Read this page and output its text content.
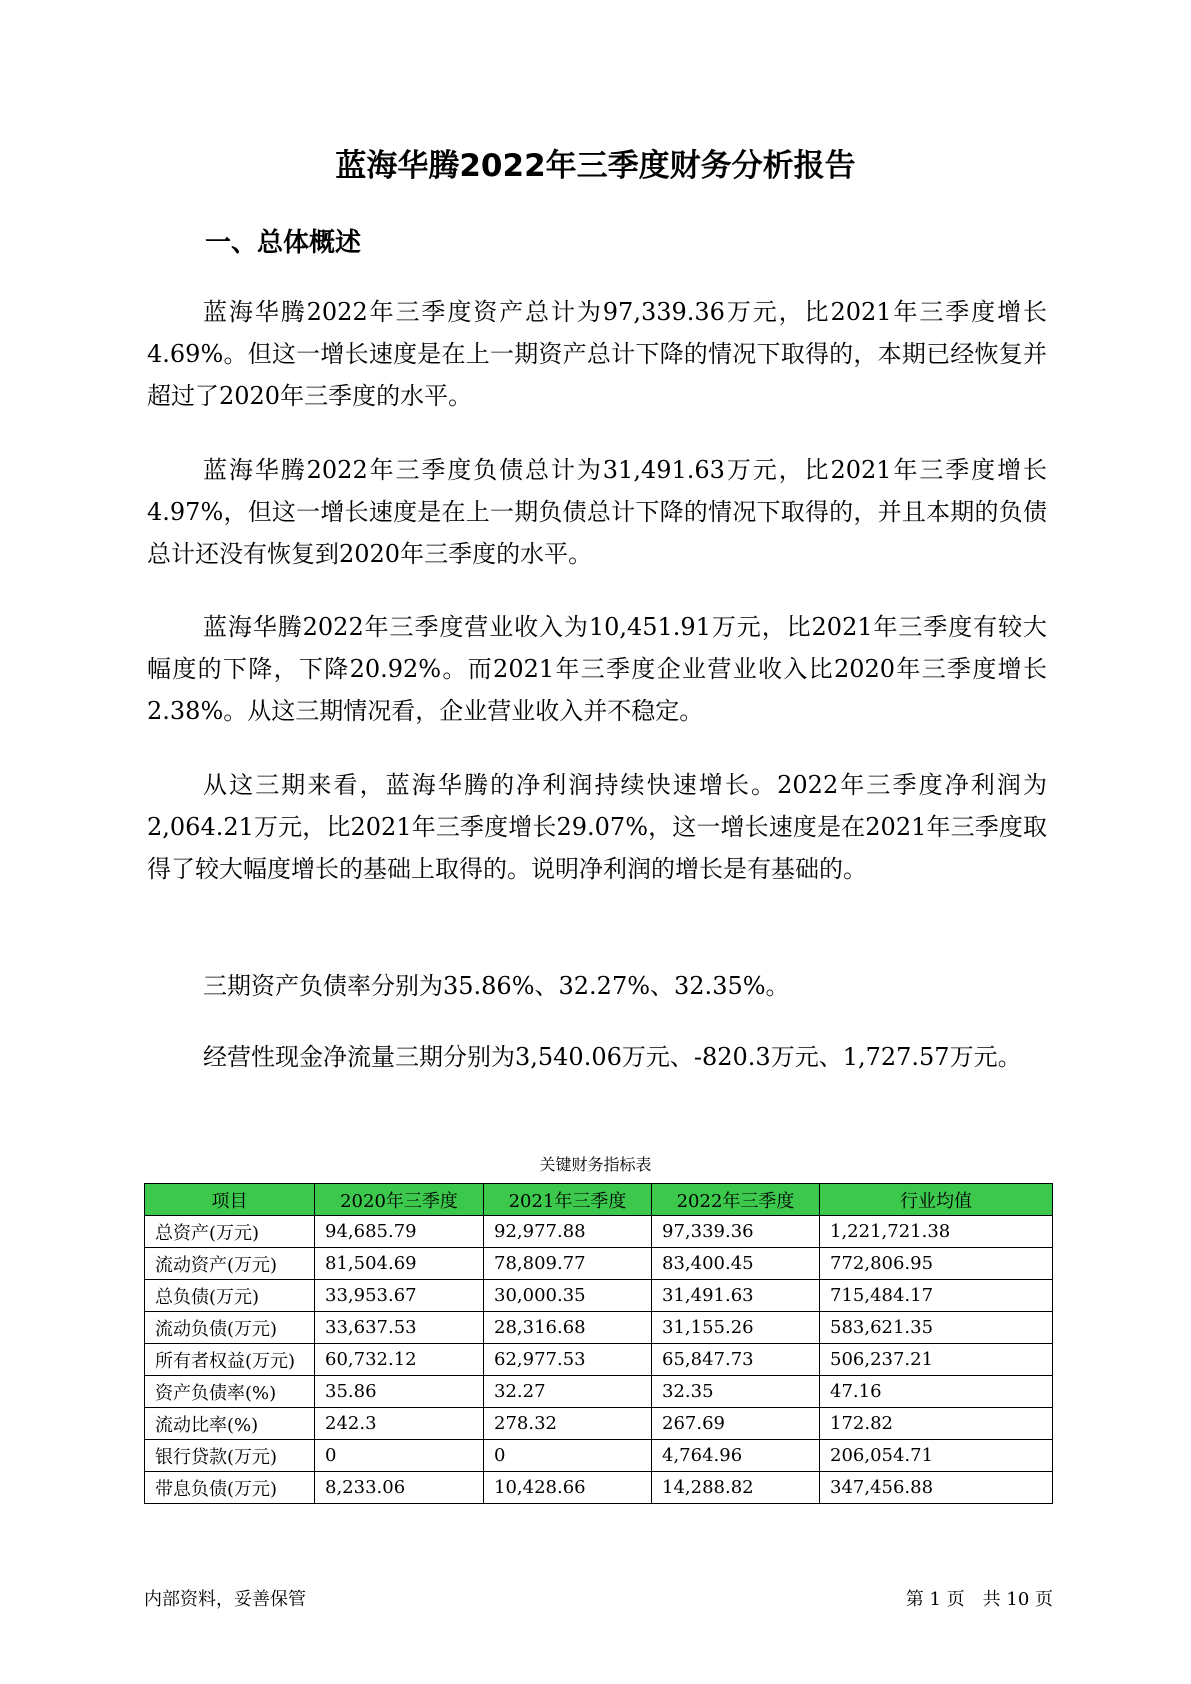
蓝海华腾2022年三季度财务分析报告
一、总体概述

蓝海华腾2022年三季度资产总计为97,339.36万元，比2021年三季度增长4.69%。但这一增长速度是在上一期资产总计下降的情况下取得的，本期已经恢复并超过了2020年三季度的水平。

蓝海华腾2022年三季度负债总计为31,491.63万元，比2021年三季度增长4.97%，但这一增长速度是在上一期负债总计下降的情况下取得的，并且本期的负债总计还没有恢复到2020年三季度的水平。

蓝海华腾2022年三季度营业收入为10,451.91万元，比2021年三季度有较大幅度的下降，下降20.92%。而2021年三季度企业营业收入比2020年三季度增长2.38%。从这三期情况看，企业营业收入并不稳定。

从这三期来看，蓝海华腾的净利润持续快速增长。2022年三季度净利润为2,064.21万元，比2021年三季度增长29.07%，这一增长速度是在2021年三季度取得了较大幅度增长的基础上取得的。说明净利润的增长是有基础的。

三期资产负债率分别为35.86%、32.27%、32.35%。

经营性现金净流量三期分别为3,540.06万元、-820.3万元、1,727.57万元。

关键财务指标表
项目	2020年三季度	2021年三季度	2022年三季度	行业均值
总资产(万元)	94,685.79	92,977.88	97,339.36	1,221,721.38
流动资产(万元)	81,504.69	78,809.77	83,400.45	772,806.95
总负债(万元)	33,953.67	30,000.35	31,491.63	715,484.17
流动负债(万元)	33,637.53	28,316.68	31,155.26	583,621.35
所有者权益(万元)	60,732.12	62,977.53	65,847.73	506,237.21
资产负债率(%)	35.86	32.27	32.35	47.16
流动比率(%)	242.3	278.32	267.69	172.82
银行贷款(万元)	0	0	4,764.96	206,054.71
带息负债(万元)	8,233.06	10,428.66	14,288.82	347,456.88
内部资料，妥善保管	第 1 页　共 10 页
